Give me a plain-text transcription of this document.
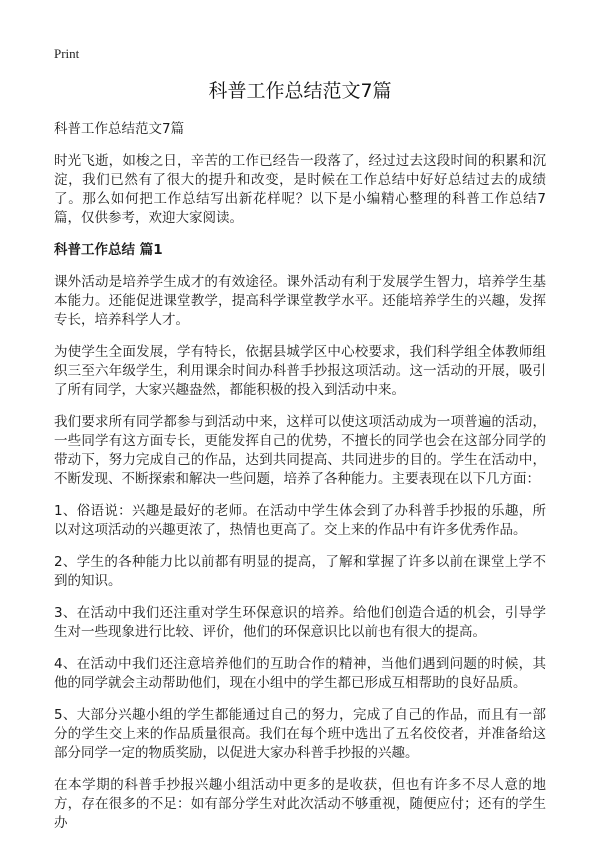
Print
科普工作总结范文7篇

科普工作总结范文7篇

时光飞逝，如梭之日，辛苦的工作已经告一段落了，经过过去这段时间的积累和沉淀，我们已然有了很大的提升和改变，是时候在工作总结中好好总结过去的成绩了。那么如何把工作总结写出新花样呢？以下是小编精心整理的科普工作总结7篇，仅供参考，欢迎大家阅读。

科普工作总结 篇1

课外活动是培养学生成才的有效途径。课外活动有利于发展学生智力，培养学生基本能力。还能促进课堂教学，提高科学课堂教学水平。还能培养学生的兴趣，发挥专长，培养科学人才。

为使学生全面发展，学有特长，依据县城学区中心校要求，我们科学组全体教师组织三至六年级学生，利用课余时间办科普手抄报这项活动。这一活动的开展，吸引了所有同学，大家兴趣盎然，都能积极的投入到活动中来。

我们要求所有同学都参与到活动中来，这样可以使这项活动成为一项普遍的活动，一些同学有这方面专长，更能发挥自己的优势，不擅长的同学也会在这部分同学的带动下，努力完成自己的作品，达到共同提高、共同进步的目的。学生在活动中，不断发现、不断探索和解决一些问题，培养了各种能力。主要表现在以下几方面：

1、俗语说：兴趣是最好的老师。在活动中学生体会到了办科普手抄报的乐趣，所以对这项活动的兴趣更浓了，热情也更高了。交上来的作品中有许多优秀作品。

2、学生的各种能力比以前都有明显的提高，了解和掌握了许多以前在课堂上学不到的知识。

3、在活动中我们还注重对学生环保意识的培养。给他们创造合适的机会，引导学生对一些现象进行比较、评价，他们的环保意识比以前也有很大的提高。

4、在活动中我们还注意培养他们的互助合作的精神，当他们遇到问题的时候，其他的同学就会主动帮助他们，现在小组中的学生都已形成互相帮助的良好品质。

5、大部分兴趣小组的学生都能通过自己的努力，完成了自己的作品，而且有一部分的学生交上来的作品质量很高。我们在每个班中选出了五名佼佼者，并准备给这部分同学一定的物质奖励，以促进大家办科普手抄报的兴趣。

在本学期的科普手抄报兴趣小组活动中更多的是收获，但也有许多不尽人意的地方，存在很多的不足：如有部分学生对此次活动不够重视，随便应付；还有的学生办
